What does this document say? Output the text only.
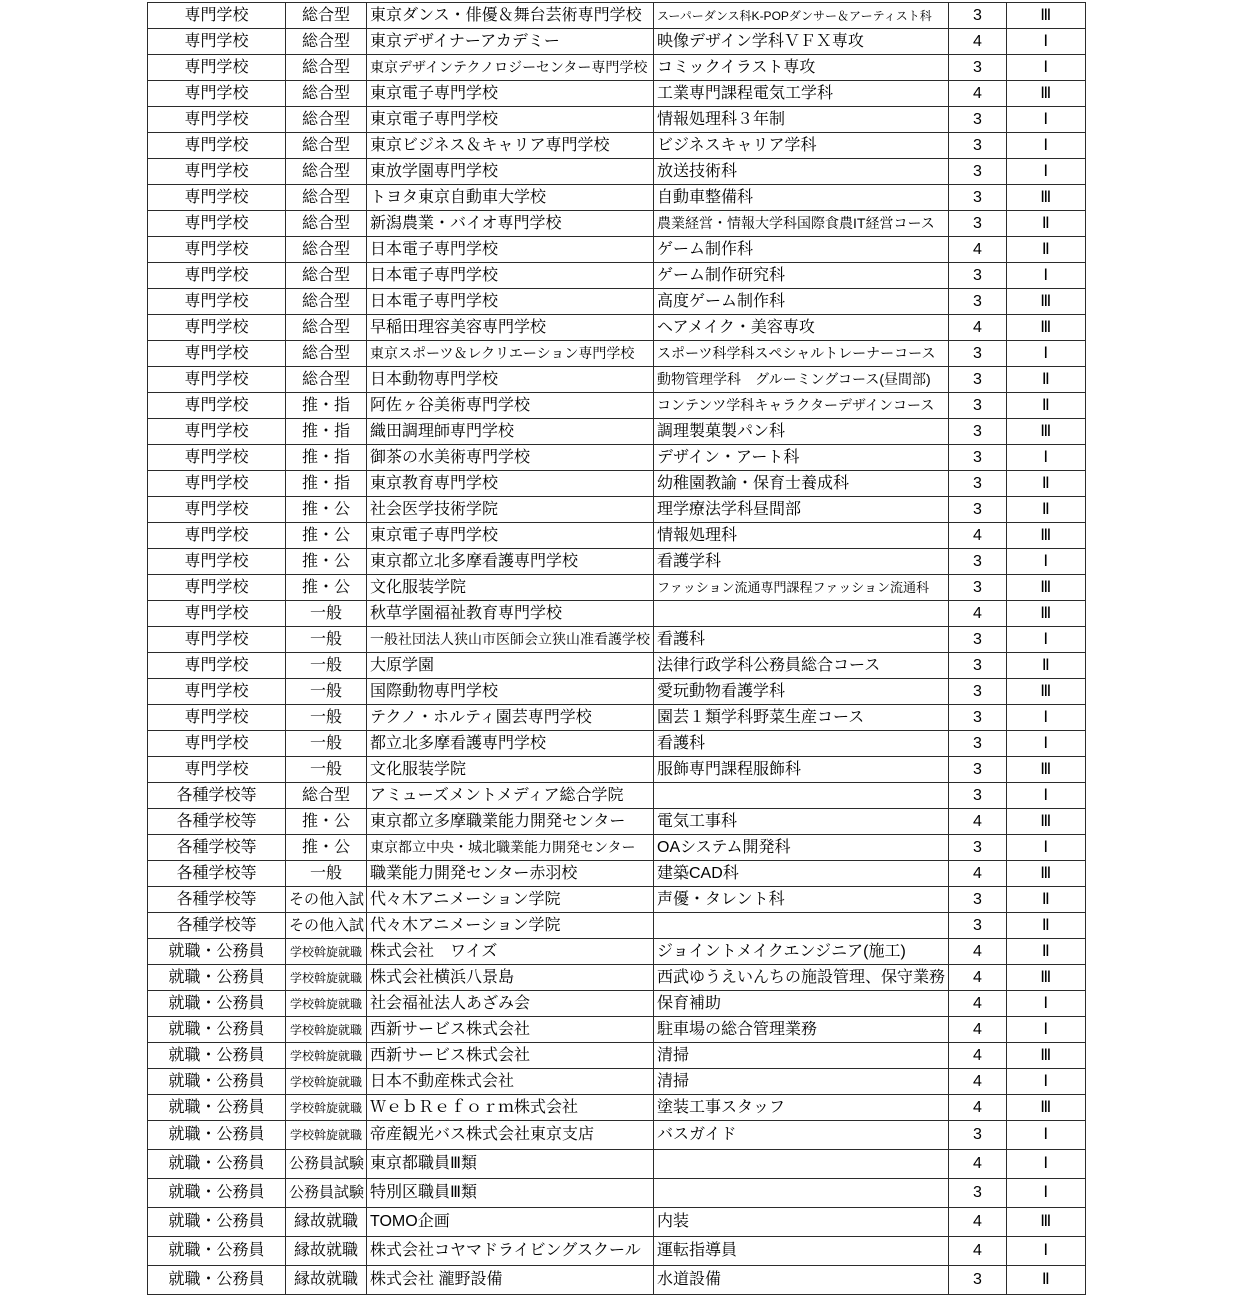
専門学校	総合型	東京ダンス・俳優＆舞台芸術専門学校	スーパーダンス科K-POPダンサー＆アーティスト科	3	Ⅲ
専門学校	総合型	東京デザイナーアカデミー	映像デザイン学科ＶＦＸ専攻	4	Ⅰ
専門学校	総合型	東京デザインテクノロジーセンター専門学校	コミックイラスト専攻	3	Ⅰ
専門学校	総合型	東京電子専門学校	工業専門課程電気工学科	4	Ⅲ
専門学校	総合型	東京電子専門学校	情報処理科３年制	3	Ⅰ
専門学校	総合型	東京ビジネス＆キャリア専門学校	ビジネスキャリア学科	3	Ⅰ
専門学校	総合型	東放学園専門学校	放送技術科	3	Ⅰ
専門学校	総合型	トヨタ東京自動車大学校	自動車整備科	3	Ⅲ
専門学校	総合型	新潟農業・バイオ専門学校	農業経営・情報大学科国際食農IT経営コース	3	Ⅱ
専門学校	総合型	日本電子専門学校	ゲーム制作科	4	Ⅱ
専門学校	総合型	日本電子専門学校	ゲーム制作研究科	3	Ⅰ
専門学校	総合型	日本電子専門学校	高度ゲーム制作科	3	Ⅲ
専門学校	総合型	早稲田理容美容専門学校	ヘアメイク・美容専攻	4	Ⅲ
専門学校	総合型	東京スポーツ＆レクリエーション専門学校	スポーツ科学科スペシャルトレーナーコース	3	Ⅰ
専門学校	総合型	日本動物専門学校	動物管理学科　グルーミングコース(昼間部)	3	Ⅱ
専門学校	推・指	阿佐ヶ谷美術専門学校	コンテンツ学科キャラクターデザインコース	3	Ⅱ
専門学校	推・指	織田調理師専門学校	調理製菓製パン科	3	Ⅲ
専門学校	推・指	御茶の水美術専門学校	デザイン・アート科	3	Ⅰ
専門学校	推・指	東京教育専門学校	幼稚園教諭・保育士養成科	3	Ⅱ
専門学校	推・公	社会医学技術学院	理学療法学科昼間部	3	Ⅱ
専門学校	推・公	東京電子専門学校	情報処理科	4	Ⅲ
専門学校	推・公	東京都立北多摩看護専門学校	看護学科	3	Ⅰ
専門学校	推・公	文化服装学院	ファッション流通専門課程ファッション流通科	3	Ⅲ
専門学校	一般	秋草学園福祉教育専門学校		4	Ⅲ
専門学校	一般	一般社団法人狭山市医師会立狭山准看護学校	看護科	3	Ⅰ
専門学校	一般	大原学園	法律行政学科公務員総合コース	3	Ⅱ
専門学校	一般	国際動物専門学校	愛玩動物看護学科	3	Ⅲ
専門学校	一般	テクノ・ホルティ園芸専門学校	園芸１類学科野菜生産コース	3	Ⅰ
専門学校	一般	都立北多摩看護専門学校	看護科	3	Ⅰ
専門学校	一般	文化服装学院	服飾専門課程服飾科	3	Ⅲ
各種学校等	総合型	アミューズメントメディア総合学院		3	Ⅰ
各種学校等	推・公	東京都立多摩職業能力開発センター	電気工事科	4	Ⅲ
各種学校等	推・公	東京都立中央・城北職業能力開発センター	OAシステム開発科	3	Ⅰ
各種学校等	一般	職業能力開発センター赤羽校	建築CAD科	4	Ⅲ
各種学校等	その他入試	代々木アニメーション学院	声優・タレント科	3	Ⅱ
各種学校等	その他入試	代々木アニメーション学院		3	Ⅱ
就職・公務員	学校斡旋就職	株式会社　ワイズ	ジョイントメイクエンジニア(施工)	4	Ⅱ
就職・公務員	学校斡旋就職	株式会社横浜八景島	西武ゆうえいんちの施設管理、保守業務	4	Ⅲ
就職・公務員	学校斡旋就職	社会福祉法人あざみ会	保育補助	4	Ⅰ
就職・公務員	学校斡旋就職	西新サービス株式会社	駐車場の総合管理業務	4	Ⅰ
就職・公務員	学校斡旋就職	西新サービス株式会社	清掃	4	Ⅲ
就職・公務員	学校斡旋就職	日本不動産株式会社	清掃	4	Ⅰ
就職・公務員	学校斡旋就職	ＷｅｂＲｅｆｏｒｍ株式会社	塗装工事スタッフ	4	Ⅲ
就職・公務員	学校斡旋就職	帝産観光バス株式会社東京支店	バスガイド	3	Ⅰ
就職・公務員	公務員試験	東京都職員Ⅲ類		4	Ⅰ
就職・公務員	公務員試験	特別区職員Ⅲ類		3	Ⅰ
就職・公務員	縁故就職	TOMO企画	内装	4	Ⅲ
就職・公務員	縁故就職	株式会社コヤマドライビングスクール	運転指導員	4	Ⅰ
就職・公務員	縁故就職	株式会社 瀧野設備	水道設備	3	Ⅱ
